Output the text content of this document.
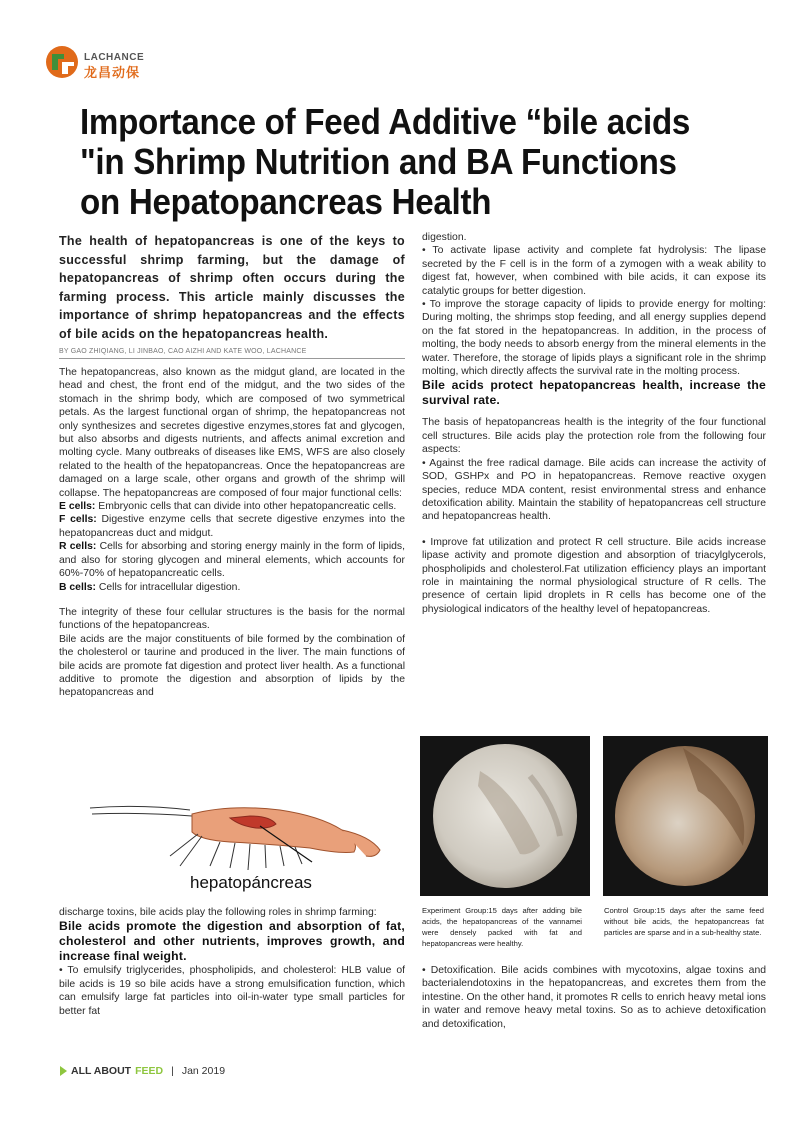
LACHANCE
龙昌动保
Importance of Feed Additive “bile acids "in Shrimp Nutrition and BA Functions on Hepatopancreas Health
The health of hepatopancreas is one of the keys to successful shrimp farming, but the damage of hepatopancreas of shrimp often occurs during the farming process. This article mainly discusses the importance of shrimp hepatopancreas and the effects of bile acids on the hepatopancreas health.
BY GAO ZHIQIANG, LI JINBAO, CAO AIZHI AND KATE WOO, LACHANCE

The hepatopancreas, also known as the midgut gland, are located in the head and chest, the front end of the midgut, and the two sides of the stomach in the shrimp body, which are composed of two symmetrical petals. As the largest functional organ of shrimp, the hepatopancreas not only synthesizes and secretes digestive enzymes,stores fat and glycogen, but also absorbs and digests nutrients, and affects animal excretion and molting cycle. Many outbreaks of diseases like EMS, WFS are also closely related to the health of the hepatopancreas. Once the hepatopancreas are damaged on a large scale, other organs and growth of the shrimp will collapse. The hepatopancreas are composed of four major functional cells:

E cells: Embryonic cells that can divide into other hepatopancreatic cells.

F cells: Digestive enzyme cells that secrete digestive enzymes into the hepatopancreas duct and midgut.

R cells: Cells for absorbing and storing energy mainly in the form of lipids, and also for storing glycogen and mineral elements, which accounts for 60%-70% of hepatopancreatic cells.

B cells: Cells for intracellular digestion.

The integrity of these four cellular structures is the basis for the normal functions of the hepatopancreas.

Bile acids are the major constituents of bile formed by the combination of the cholesterol or taurine and produced in the liver. The main functions of bile acids are promote fat digestion and protect liver health. As a functional additive to promote the digestion and absorption of lipids by the hepatopancreas and

hepatopáncreas

discharge toxins, bile acids play the following roles in shrimp farming:

Bile acids promote the digestion and absorption of fat, cholesterol and other nutrients, improves growth, and increase final weight.

• To emulsify triglycerides, phospholipids, and cholesterol: HLB value of bile acids is 19 so bile acids have a strong emulsification function, which can emulsify large fat particles into oil-in-water type small particles for better fat

digestion.

• To activate lipase activity and complete fat hydrolysis: The lipase secreted by the F cell is in the form of a zymogen with a weak ability to digest fat, however, when combined with bile acids, it can expose its catalytic groups for better digestion.

• To improve the storage capacity of lipids to provide energy for molting: During molting, the shrimps stop feeding, and all energy supplies depend on the fat stored in the hepatopancreas. In addition, in the process of molting, the body needs to absorb energy from the mineral elements in the water. Therefore, the storage of lipids plays a significant role in the shrimp molting, which directly affects the survival rate in the molting process.

Bile acids protect hepatopancreas health, increase the survival rate.

The basis of hepatopancreas health is the integrity of the four functional cell structures. Bile acids play the protection role from the following four aspects:

• Against the free radical damage. Bile acids can increase the activity of SOD, GSHPx and PO in hepatopancreas. Remove reactive oxygen species, reduce MDA content, resist environmental stress and enhance detoxification ability. Maintain the stability of hepatopancreas cell structure and hepatopancreas health.

• Improve fat utilization and protect R cell structure. Bile acids increase lipase activity and promote digestion and absorption of triacylglycerols, phospholipids and cholesterol.Fat utilization efficiency plays an important role in maintaining the normal physiological structure of R cells. The presence of certain lipid droplets in R cells has become one of the physiological indicators of the healthy level of hepatopancreas.

Experiment Group:15 days after adding bile acids, the hepatopancreas of the vannamei were densely packed with fat and hepatopancreas were healthy.
Control Group:15 days after the same feed without bile acids, the hepatopancreas fat particles are sparse and in a sub-healthy state.

• Detoxification. Bile acids combines with mycotoxins, algae toxins and bacterialendotoxins in the hepatopancreas, and excretes them from the intestine. On the other hand, it promotes R cells to enrich heavy metal ions in water and remove heavy metal toxins. So as to achieve detoxification and detoxification,

ALL ABOUT FEED | Jan 2019
